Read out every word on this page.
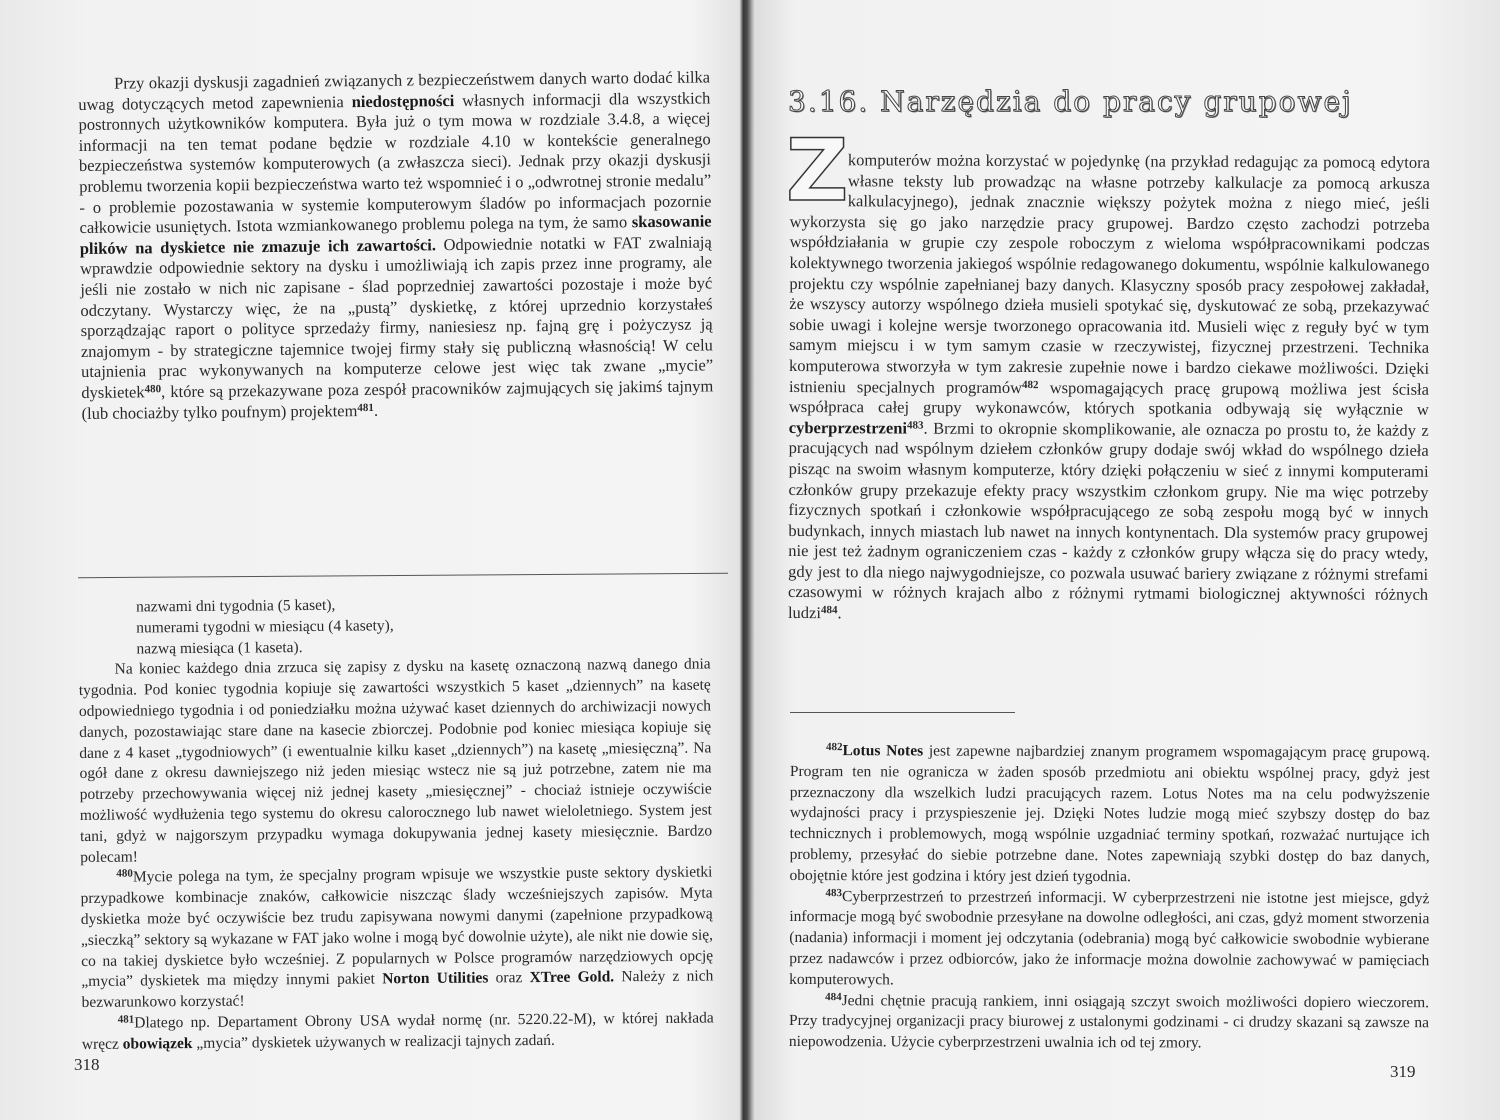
Przy okazji dyskusji zagadnień związanych z bezpieczeństwem danych warto dodać kilka uwag dotyczących metod zapewnienia niedostępności własnych informacji dla wszystkich postronnych użytkowników komputera. Była już o tym mowa w rozdziale 3.4.8, a więcej informacji na ten temat podane będzie w rozdziale 4.10 w kontekście generalnego bezpieczeństwa systemów komputerowych (a zwłaszcza sieci). Jednak przy okazji dyskusji problemu tworzenia kopii bezpieczeństwa warto też wspomnieć i o „odwrotnej stronie medalu” - o problemie pozostawania w systemie komputerowym śladów po informacjach pozornie całkowicie usuniętych. Istota wzmiankowanego problemu polega na tym, że samo skasowanie plików na dyskietce nie zmazuje ich zawartości. Odpowiednie notatki w FAT zwalniają wprawdzie odpowiednie sektory na dysku i umożliwiają ich zapis przez inne programy, ale jeśli nie zostało w nich nic zapisane - ślad poprzedniej zawartości pozostaje i może być odczytany. Wystarczy więc, że na „pustą” dyskietkę, z której uprzednio korzystałeś sporządzając raport o polityce sprzedaży firmy, naniesiesz np. fajną grę i pożyczysz ją znajomym - by strategiczne tajemnice twojej firmy stały się publiczną własnością! W celu utajnienia prac wykonywanych na komputerze celowe jest więc tak zwane „mycie” dyskietek$^{480}$, które są przekazywane poza zespół pracowników zajmujących się jakimś tajnym (lub chociażby tylko poufnym) projektem$^{481}$.

nazwami dni tygodnia (5 kaset),
numerami tygodni w miesiącu (4 kasety),
nazwą miesiąca (1 kaseta).

Na koniec każdego dnia zrzuca się zapisy z dysku na kasetę oznaczoną nazwą danego dnia tygodnia. Pod koniec tygodnia kopiuje się zawartości wszystkich 5 kaset „dziennych” na kasetę odpowiedniego tygodnia i od poniedziałku można używać kaset dziennych do archiwizacji nowych danych, pozostawiając stare dane na kasecie zbiorczej. Podobnie pod koniec miesiąca kopiuje się dane z 4 kaset „tygodniowych” (i ewentualnie kilku kaset „dziennych”) na kasetę „miesięczną”. Na ogół dane z okresu dawniejszego niż jeden miesiąc wstecz nie są już potrzebne, zatem nie ma potrzeby przechowywania więcej niż jednej kasety „miesięcznej” - chociaż istnieje oczywiście możliwość wydłużenia tego systemu do okresu calorocznego lub nawet wieloletniego. System jest tani, gdyż w najgorszym przypadku wymaga dokupywania jednej kasety miesięcznie. Bardzo polecam!

$^{480}$Mycie polega na tym, że specjalny program wpisuje we wszystkie puste sektory dyskietki przypadkowe kombinacje znaków, całkowicie niszcząc ślady wcześniejszych zapisów. Myta dyskietka może być oczywiście bez trudu zapisywana nowymi danymi (zapełnione przypadkową „sieczką” sektory są wykazane w FAT jako wolne i mogą być dowolnie użyte), ale nikt nie dowie się, co na takiej dyskietce było wcześniej. Z popularnych w Polsce programów narzędziowych opcję „mycia” dyskietek ma między innymi pakiet Norton Utilities oraz XTree Gold. Należy z nich bezwarunkowo korzystać!

$^{481}$Dlatego np. Departament Obrony USA wydał normę (nr. 5220.22-M), w której nakłada wręcz obowiązek „mycia” dyskietek używanych w realizacji tajnych zadań.

318
3.16. Narzędzia do pracy grupowej
Z komputerów można korzystać w pojedynkę (na przykład redagując za pomocą edytora własne teksty lub prowadząc na własne potrzeby kalkulacje za pomocą arkusza kalkulacyjnego), jednak znacznie większy pożytek można z niego mieć, jeśli wykorzysta się go jako narzędzie pracy grupowej. Bardzo często zachodzi potrzeba współdziałania w grupie czy zespole roboczym z wieloma współpracownikami podczas kolektywnego tworzenia jakiegoś wspólnie redagowanego dokumentu, wspólnie kalkulowanego projektu czy wspólnie zapełnianej bazy danych. Klasyczny sposób pracy zespołowej zakładał, że wszyscy autorzy wspólnego dzieła musieli spotykać się, dyskutować ze sobą, przekazywać sobie uwagi i kolejne wersje tworzonego opracowania itd. Musieli więc z reguły być w tym samym miejscu i w tym samym czasie w rzeczywistej, fizycznej przestrzeni. Technika komputerowa stworzyła w tym zakresie zupełnie nowe i bardzo ciekawe możliwości. Dzięki istnieniu specjalnych programów$^{482}$ wspomagających pracę grupową możliwa jest ścisła współpraca całej grupy wykonawców, których spotkania odbywają się wyłącznie w cyberprzestrzeni$^{483}$. Brzmi to okropnie skomplikowanie, ale oznacza po prostu to, że każdy z pracujących nad wspólnym dziełem członków grupy dodaje swój wkład do wspólnego dzieła pisząc na swoim własnym komputerze, który dzięki połączeniu w sieć z innymi komputerami członków grupy przekazuje efekty pracy wszystkim członkom grupy. Nie ma więc potrzeby fizycznych spotkań i członkowie współpracującego ze sobą zespołu mogą być w innych budynkach, innych miastach lub nawet na innych kontynentach. Dla systemów pracy grupowej nie jest też żadnym ograniczeniem czas - każdy z członków grupy włącza się do pracy wtedy, gdy jest to dla niego najwygodniejsze, co pozwala usuwać bariery związane z różnymi strefami czasowymi w różnych krajach albo z różnymi rytmami biologicznej aktywności różnych ludzi$^{484}$.

$^{482}$Lotus Notes jest zapewne najbardziej znanym programem wspomagającym pracę grupową. Program ten nie ogranicza w żaden sposób przedmiotu ani obiektu wspólnej pracy, gdyż jest przeznaczony dla wszelkich ludzi pracujących razem. Lotus Notes ma na celu podwyższenie wydajności pracy i przyspieszenie jej. Dzięki Notes ludzie mogą mieć szybszy dostęp do baz technicznych i problemowych, mogą wspólnie uzgadniać terminy spotkań, rozważać nurtujące ich problemy, przesyłać do siebie potrzebne dane. Notes zapewniają szybki dostęp do baz danych, obojętnie które jest godzina i który jest dzień tygodnia.

$^{483}$Cyberprzestrzeń to przestrzeń informacji. W cyberprzestrzeni nie istotne jest miejsce, gdyż informacje mogą być swobodnie przesyłane na dowolne odległości, ani czas, gdyż moment stworzenia (nadania) informacji i moment jej odczytania (odebrania) mogą być całkowicie swobodnie wybierane przez nadawców i przez odbiorców, jako że informacje można dowolnie zachowywać w pamięciach komputerowych.

$^{484}$Jedni chętnie pracują rankiem, inni osiągają szczyt swoich możliwości dopiero wieczorem. Przy tradycyjnej organizacji pracy biurowej z ustalonymi godzinami - ci drudzy skazani są zawsze na niepowodzenia. Użycie cyberprzestrzeni uwalnia ich od tej zmory.

319
